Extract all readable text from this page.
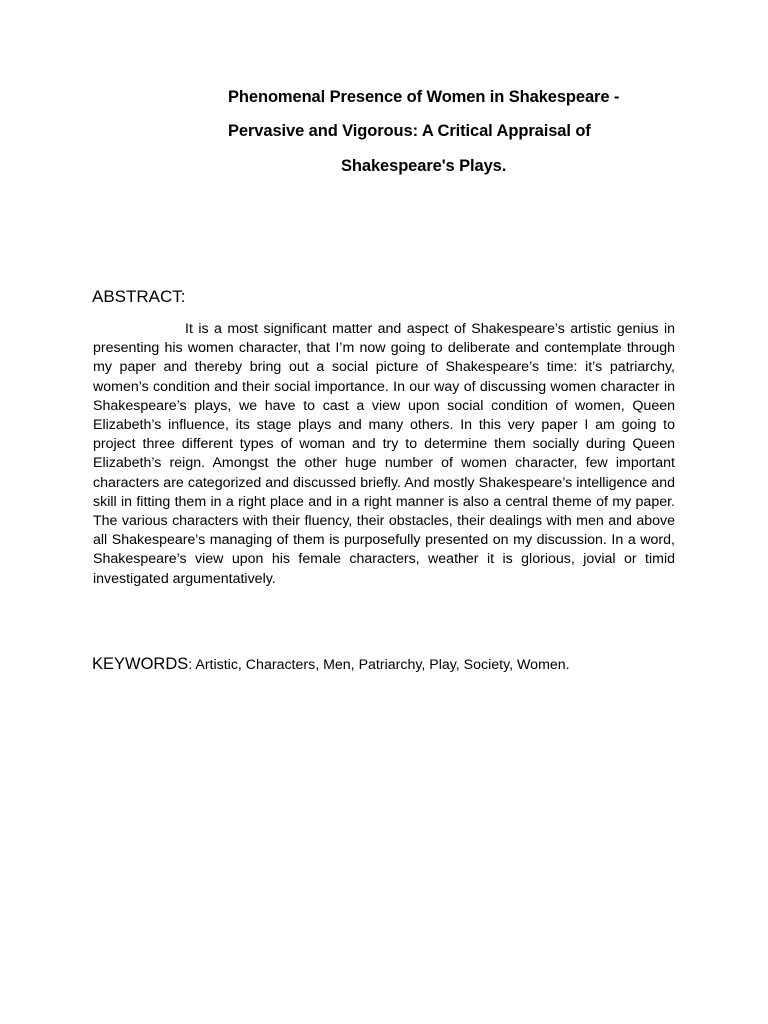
Phenomenal Presence of Women in Shakespeare -
Pervasive and Vigorous: A Critical Appraisal of
Shakespeare's Plays.
ABSTRACT:

It is a most significant matter and aspect of Shakespeare’s artistic genius in presenting his women character, that I’m now going to deliberate and contemplate through my paper and thereby bring out a social picture of Shakespeare’s time: it’s patriarchy, women’s condition and their social importance. In our way of discussing women character in Shakespeare’s plays, we have to cast a view upon social condition of women, Queen Elizabeth’s influence, its stage plays and many others. In this very paper I am going to project three different types of woman and try to determine them socially during Queen Elizabeth’s reign. Amongst the other huge number of women character, few important characters are categorized and discussed briefly. And mostly Shakespeare’s intelligence and skill in fitting them in a right place and in a right manner is also a central theme of my paper. The various characters with their fluency, their obstacles, their dealings with men and above all Shakespeare's managing of them is purposefully presented on my discussion. In a word, Shakespeare’s view upon his female characters, weather it is glorious, jovial or timid investigated argumentatively.

KEYWORDS: Artistic, Characters, Men, Patriarchy, Play, Society, Women.
